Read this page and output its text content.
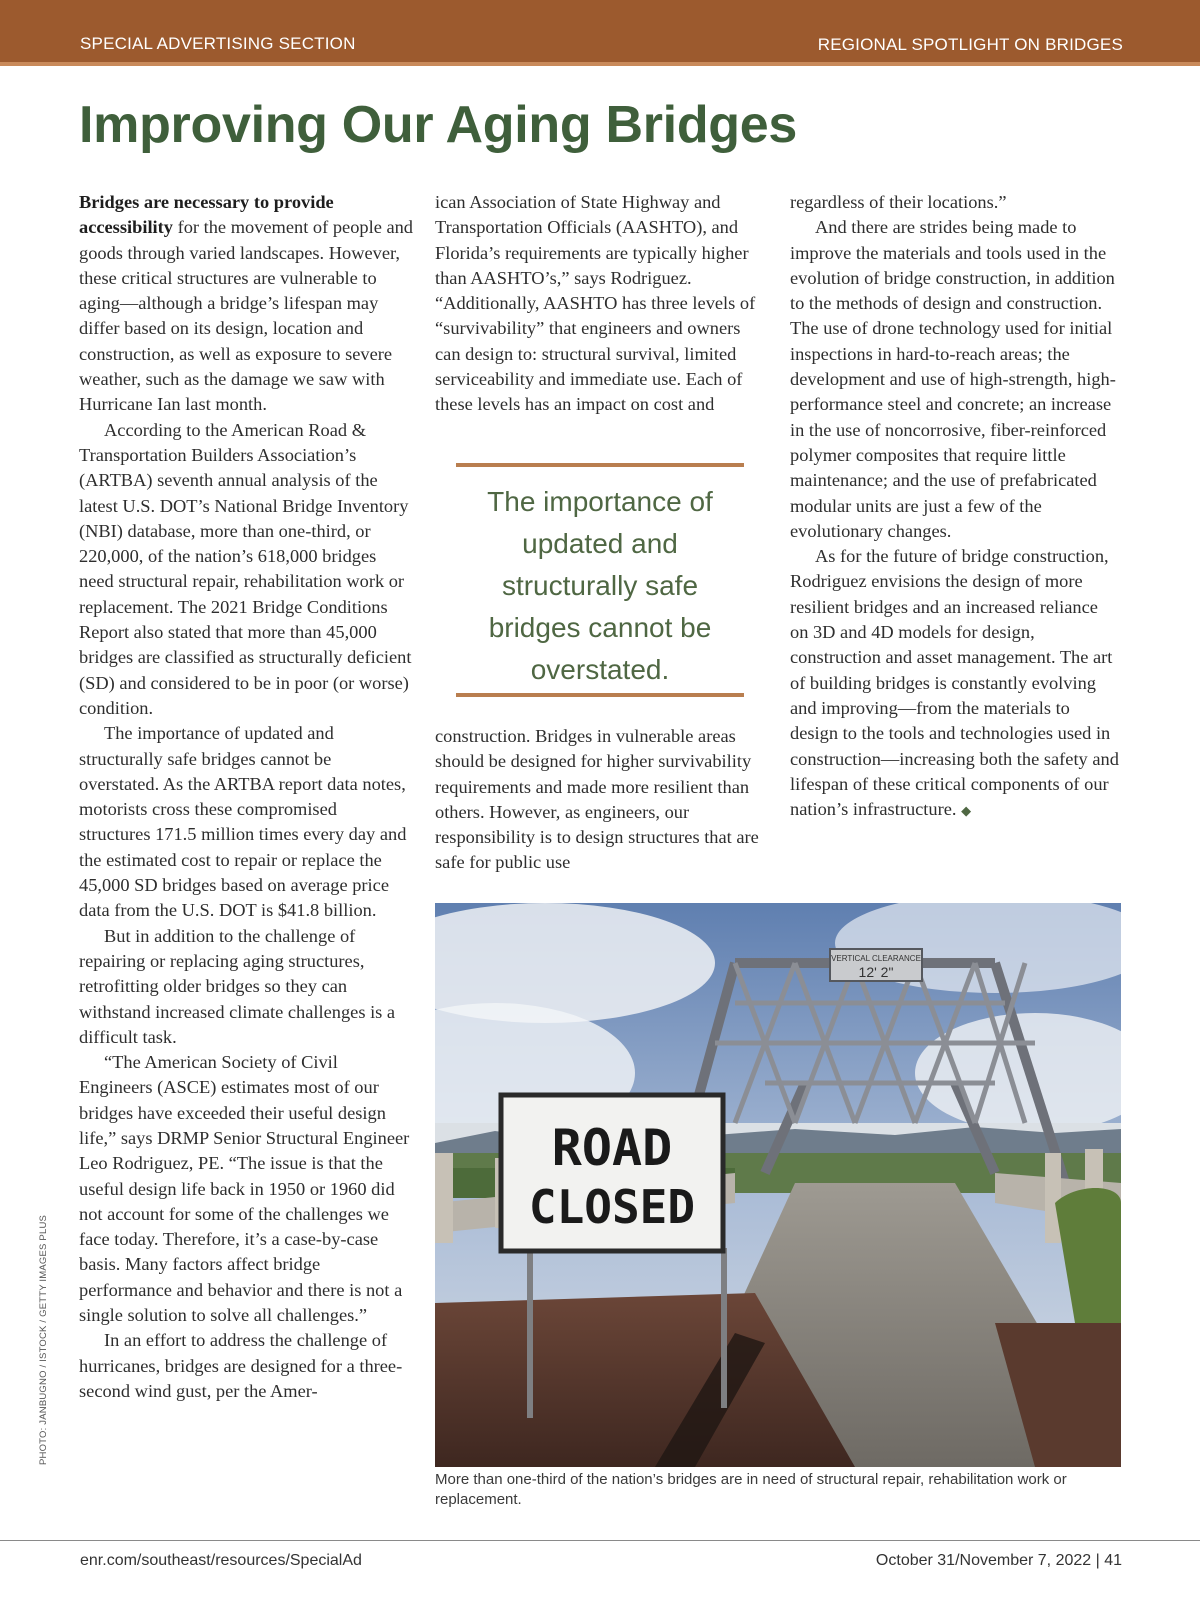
SPECIAL ADVERTISING SECTION	REGIONAL SPOTLIGHT ON BRIDGES
Improving Our Aging Bridges

Bridges are necessary to provide accessibility for the movement of people and goods through varied landscapes. However, these critical structures are vulnerable to aging—although a bridge’s lifespan may differ based on its design, location and construction, as well as exposure to severe weather, such as the damage we saw with Hurricane Ian last month.

According to the American Road & Transportation Builders Association’s (ARTBA) seventh annual analysis of the latest U.S. DOT’s National Bridge Inventory (NBI) database, more than one-third, or 220,000, of the nation’s 618,000 bridges need structural repair, rehabilitation work or replacement. The 2021 Bridge Conditions Report also stated that more than 45,000 bridges are classified as structurally deficient (SD) and considered to be in poor (or worse) condition.

The importance of updated and structurally safe bridges cannot be overstated. As the ARTBA report data notes, motorists cross these compromised structures 171.5 million times every day and the estimated cost to repair or replace the 45,000 SD bridges based on average price data from the U.S. DOT is $41.8 billion.

But in addition to the challenge of repairing or replacing aging structures, retrofitting older bridges so they can withstand increased climate challenges is a difficult task.

“The American Society of Civil Engineers (ASCE) estimates most of our bridges have exceeded their useful design life,” says DRMP Senior Structural Engineer Leo Rodriguez, PE. “The issue is that the useful design life back in 1950 or 1960 did not account for some of the challenges we face today. Therefore, it’s a case-by-case basis. Many factors affect bridge performance and behavior and there is not a single solution to solve all challenges.”

In an effort to address the challenge of hurricanes, bridges are designed for a three-second wind gust, per the Amer-

ican Association of State Highway and Transportation Officials (AASHTO), and Florida’s requirements are typically higher than AASHTO’s,” says Rodriguez. “Additionally, AASHTO has three levels of “survivability” that engineers and owners can design to: structural survival, limited serviceability and immediate use. Each of these levels has an impact on cost and

The importance of updated and structurally safe bridges cannot be overstated.

construction. Bridges in vulnerable areas should be designed for higher survivability requirements and made more resilient than others. However, as engineers, our responsibility is to design structures that are safe for public use

regardless of their locations.”

And there are strides being made to improve the materials and tools used in the evolution of bridge construction, in addition to the methods of design and construction. The use of drone technology used for initial inspections in hard-to-reach areas; the development and use of high-strength, high-performance steel and concrete; an increase in the use of noncorrosive, fiber-reinforced polymer composites that require little maintenance; and the use of prefabricated modular units are just a few of the evolutionary changes.

As for the future of bridge construction, Rodriguez envisions the design of more resilient bridges and an increased reliance on 3D and 4D models for design, construction and asset management. The art of building bridges is constantly evolving and improving—from the materials to design to the tools and technologies used in construction—increasing both the safety and lifespan of these critical components of our nation’s infrastructure. ◆

VERTICAL CLEARANCE
12' 2"
ROAD
CLOSED
More than one-third of the nation’s bridges are in need of structural repair, rehabilitation work or replacement.
PHOTO: JANBUGNO / ISTOCK / GETTY IMAGES PLUS
enr.com/southeast/resources/SpecialAd	October 31/November 7, 2022 | 41
